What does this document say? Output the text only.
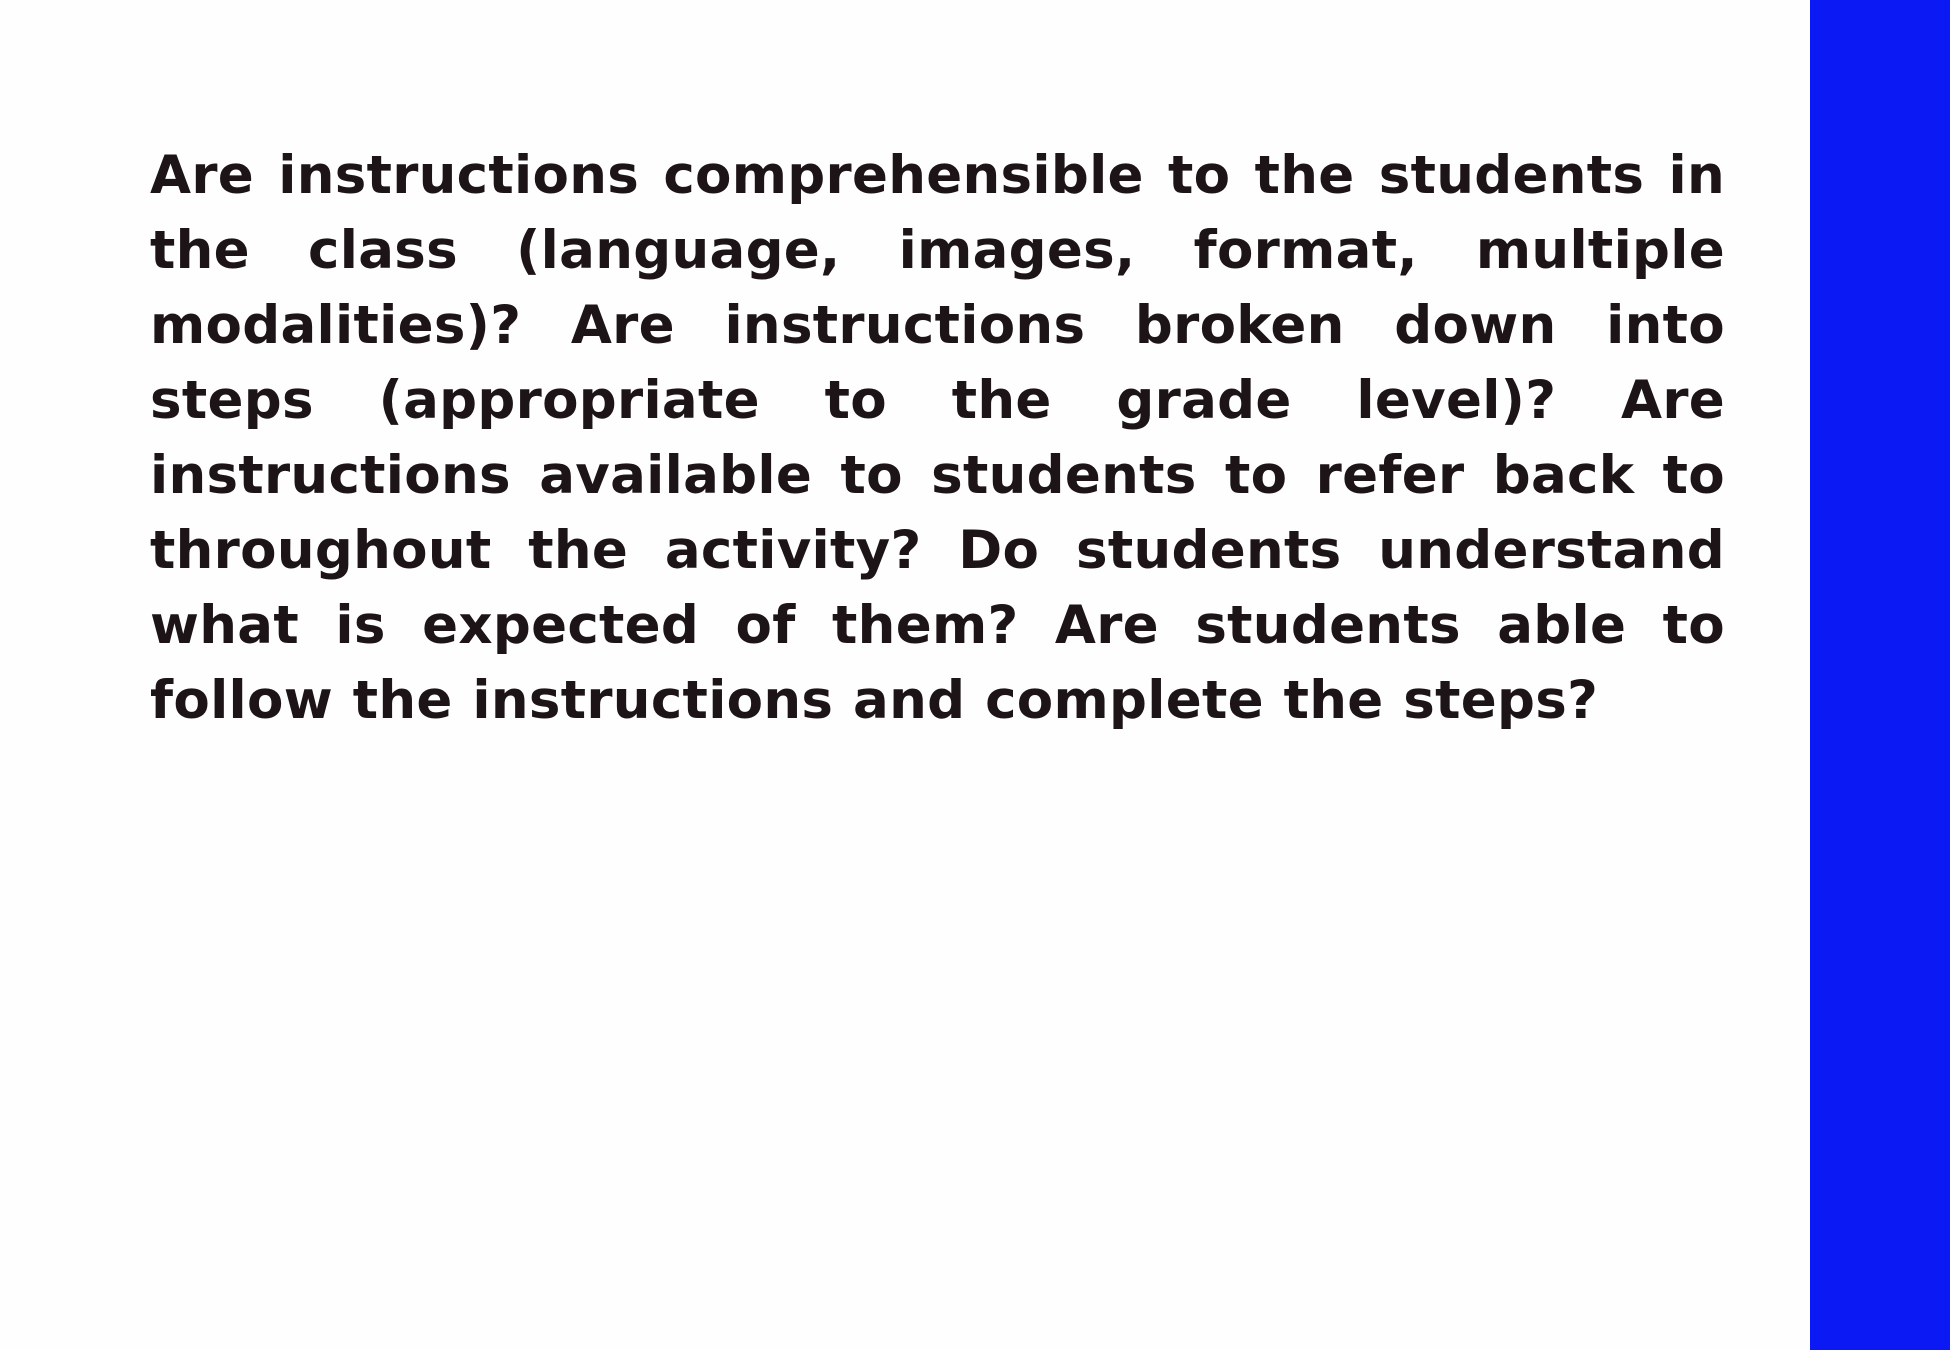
Are instructions comprehensible to the students in the class (language, images, format, multiple modalities)? Are instructions broken down into steps (appropriate to the grade level)? Are instructions available to students to refer back to throughout the activity? Do students understand what is expected of them? Are students able to follow the instructions and complete the steps?
